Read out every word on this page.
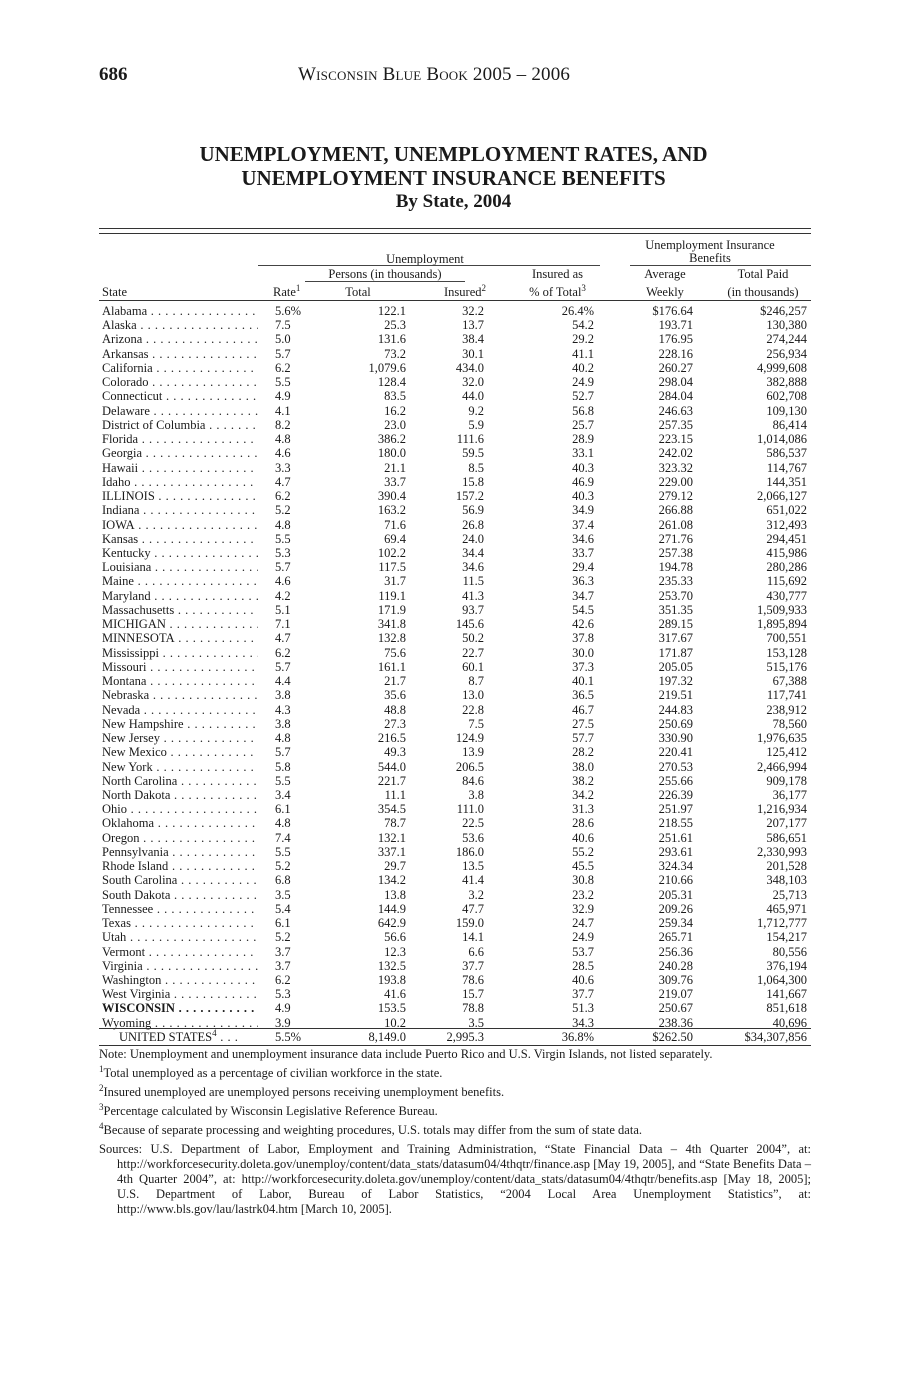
686	Wisconsin Blue Book 2005 – 2006
UNEMPLOYMENT, UNEMPLOYMENT RATES, AND
UNEMPLOYMENT INSURANCE BENEFITS
By State, 2004
Unemployment
Unemployment Insurance
Benefits
Persons (in thousands)	Insured as	Average	Total Paid
State	Rate$^1$	Total	Insured$^2$	% of Total$^3$	Weekly	(in thousands)
Alabama . . .	5.6%	122.1	32.2	26.4%	$176.64	$246,257
Alaska . . .	7.5	25.3	13.7	54.2	193.71	130,380
Arizona . . .	5.0	131.6	38.4	29.2	176.95	274,244
Arkansas . . .	5.7	73.2	30.1	41.1	228.16	256,934
California . . .	6.2	1,079.6	434.0	40.2	260.27	4,999,608
Colorado . . .	5.5	128.4	32.0	24.9	298.04	382,888
Connecticut . . .	4.9	83.5	44.0	52.7	284.04	602,708
Delaware . . .	4.1	16.2	9.2	56.8	246.63	109,130
District of Columbia . . .	8.2	23.0	5.9	25.7	257.35	86,414
Florida . . .	4.8	386.2	111.6	28.9	223.15	1,014,086
Georgia . . .	4.6	180.0	59.5	33.1	242.02	586,537
Hawaii . . .	3.3	21.1	8.5	40.3	323.32	114,767
Idaho . . .	4.7	33.7	15.8	46.9	229.00	144,351
ILLINOIS . . .	6.2	390.4	157.2	40.3	279.12	2,066,127
Indiana . . .	5.2	163.2	56.9	34.9	266.88	651,022
IOWA . . .	4.8	71.6	26.8	37.4	261.08	312,493
Kansas . . .	5.5	69.4	24.0	34.6	271.76	294,451
Kentucky . . .	5.3	102.2	34.4	33.7	257.38	415,986
Louisiana . . .	5.7	117.5	34.6	29.4	194.78	280,286
Maine . . .	4.6	31.7	11.5	36.3	235.33	115,692
Maryland . . .	4.2	119.1	41.3	34.7	253.70	430,777
Massachusetts . . .	5.1	171.9	93.7	54.5	351.35	1,509,933
MICHIGAN . . .	7.1	341.8	145.6	42.6	289.15	1,895,894
MINNESOTA . . .	4.7	132.8	50.2	37.8	317.67	700,551
Mississippi . . .	6.2	75.6	22.7	30.0	171.87	153,128
Missouri . . .	5.7	161.1	60.1	37.3	205.05	515,176
Montana . . .	4.4	21.7	8.7	40.1	197.32	67,388
Nebraska . . .	3.8	35.6	13.0	36.5	219.51	117,741
Nevada . . .	4.3	48.8	22.8	46.7	244.83	238,912
New Hampshire . . .	3.8	27.3	7.5	27.5	250.69	78,560
New Jersey . . .	4.8	216.5	124.9	57.7	330.90	1,976,635
New Mexico . . .	5.7	49.3	13.9	28.2	220.41	125,412
New York . . .	5.8	544.0	206.5	38.0	270.53	2,466,994
North Carolina . . .	5.5	221.7	84.6	38.2	255.66	909,178
North Dakota . . .	3.4	11.1	3.8	34.2	226.39	36,177
Ohio . . .	6.1	354.5	111.0	31.3	251.97	1,216,934
Oklahoma . . .	4.8	78.7	22.5	28.6	218.55	207,177
Oregon . . .	7.4	132.1	53.6	40.6	251.61	586,651
Pennsylvania . . .	5.5	337.1	186.0	55.2	293.61	2,330,993
Rhode Island . . .	5.2	29.7	13.5	45.5	324.34	201,528
South Carolina . . .	6.8	134.2	41.4	30.8	210.66	348,103
South Dakota . . .	3.5	13.8	3.2	23.2	205.31	25,713
Tennessee . . .	5.4	144.9	47.7	32.9	209.26	465,971
Texas . . .	6.1	642.9	159.0	24.7	259.34	1,712,777
Utah . . .	5.2	56.6	14.1	24.9	265.71	154,217
Vermont . . .	3.7	12.3	6.6	53.7	256.36	80,556
Virginia . . .	3.7	132.5	37.7	28.5	240.28	376,194
Washington . . .	6.2	193.8	78.6	40.6	309.76	1,064,300
West Virginia . . .	5.3	41.6	15.7	37.7	219.07	141,667
WISCONSIN . . .	4.9	153.5	78.8	51.3	250.67	851,618
Wyoming . . .	3.9	10.2	3.5	34.3	238.36	40,696
UNITED STATES$^4$ . . .	5.5%	8,149.0	2,995.3	36.8%	$262.50	$34,307,856
Note: Unemployment and unemployment insurance data include Puerto Rico and U.S. Virgin Islands, not listed separately.
$^1$Total unemployed as a percentage of civilian workforce in the state.
$^2$Insured unemployed are unemployed persons receiving unemployment benefits.
$^3$Percentage calculated by Wisconsin Legislative Reference Bureau.
$^4$Because of separate processing and weighting procedures, U.S. totals may differ from the sum of state data.
Sources: U.S. Department of Labor, Employment and Training Administration, “State Financial Data – 4th Quarter 2004”, at: http://workforcesecurity.doleta.gov/unemploy/content/data_stats/datasum04/4thqtr/finance.asp [May 19, 2005], and “State Benefits Data – 4th Quarter 2004”, at: http://workforcesecurity.doleta.gov/unemploy/content/data_stats/datasum04/4thqtr/benefits.asp [May 18, 2005]; U.S. Department of Labor, Bureau of Labor Statistics, “2004 Local Area Unemployment Statistics”, at: http://www.bls.gov/lau/lastrk04.htm [March 10, 2005].
